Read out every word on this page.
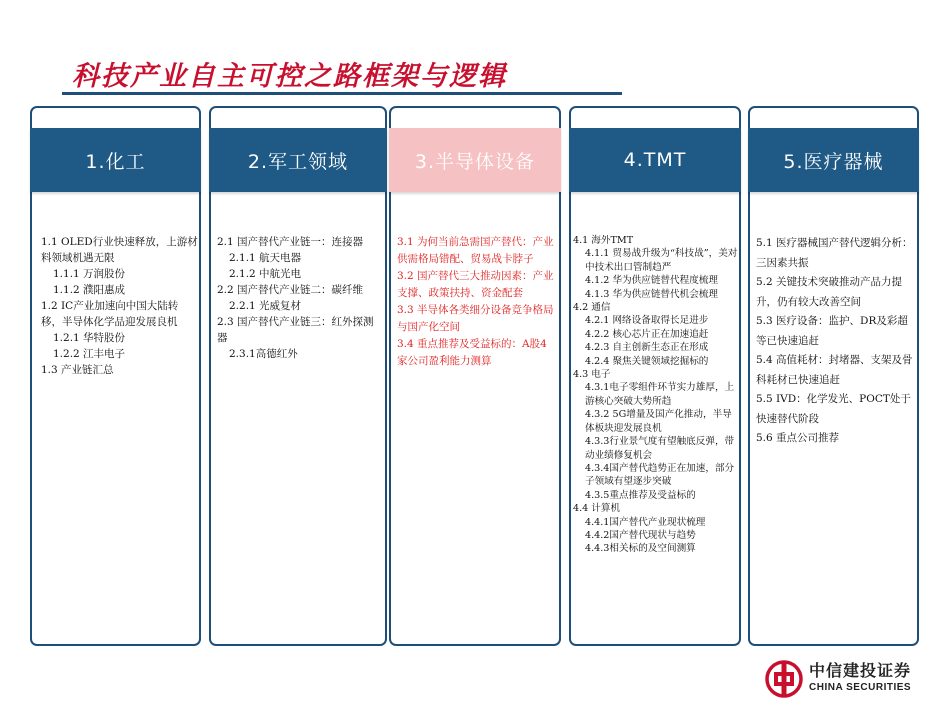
科技产业自主可控之路框架与逻辑
1.化工	2.军工领域	3.半导体设备	4.TMT	5.医疗器械
1.1 OLED行业快速释放，上游材料领域机遇无限
1.1.1 万润股份
1.1.2 濮阳惠成
1.2 IC产业加速向中国大陆转移，半导体化学品迎发展良机
1.2.1 华特股份
1.2.2 江丰电子
1.3 产业链汇总
2.1 国产替代产业链一：连接器
2.1.1 航天电器
2.1.2 中航光电
2.2 国产替代产业链二：碳纤维
2.2.1 光威复材
2.3 国产替代产业链三：红外探测器
2.3.1高德红外
3.1 为何当前急需国产替代：产业供需格局错配、贸易战卡脖子
3.2 国产替代三大推动因素：产业支撑、政策扶持、资金配套
3.3 半导体各类细分设备竞争格局与国产化空间
3.4 重点推荐及受益标的：A股4家公司盈利能力测算
4.1 海外TMT
4.1.1 贸易战升级为“科技战”，美对中技术出口管制趋严
4.1.2 华为供应链替代程度梳理
4.1.3 华为供应链替代机会梳理
4.2 通信
4.2.1 网络设备取得长足进步
4.2.2 核心芯片正在加速追赶
4.2.3 自主创新生态正在形成
4.2.4 聚焦关键领域挖掘标的
4.3 电子
4.3.1电子零组件环节实力雄厚，上游核心突破大势所趋
4.3.2 5G增量及国产化推动，半导体板块迎发展良机
4.3.3行业景气度有望触底反弹，带动业绩修复机会
4.3.4国产替代趋势正在加速，部分子领域有望逐步突破
4.3.5重点推荐及受益标的
4.4 计算机
4.4.1国产替代产业现状梳理
4.4.2国产替代现状与趋势
4.4.3相关标的及空间测算
5.1 医疗器械国产替代逻辑分析：三因素共振
5.2 关键技术突破推动产品力提升，仍有较大改善空间
5.3 医疗设备：监护、DR及彩超等已快速追赶
5.4 高值耗材：封堵器、支架及骨科耗材已快速追赶
5.5 IVD：化学发光、POCT处于快速替代阶段
5.6 重点公司推荐
中信建投证券
CHINA SECURITIES
